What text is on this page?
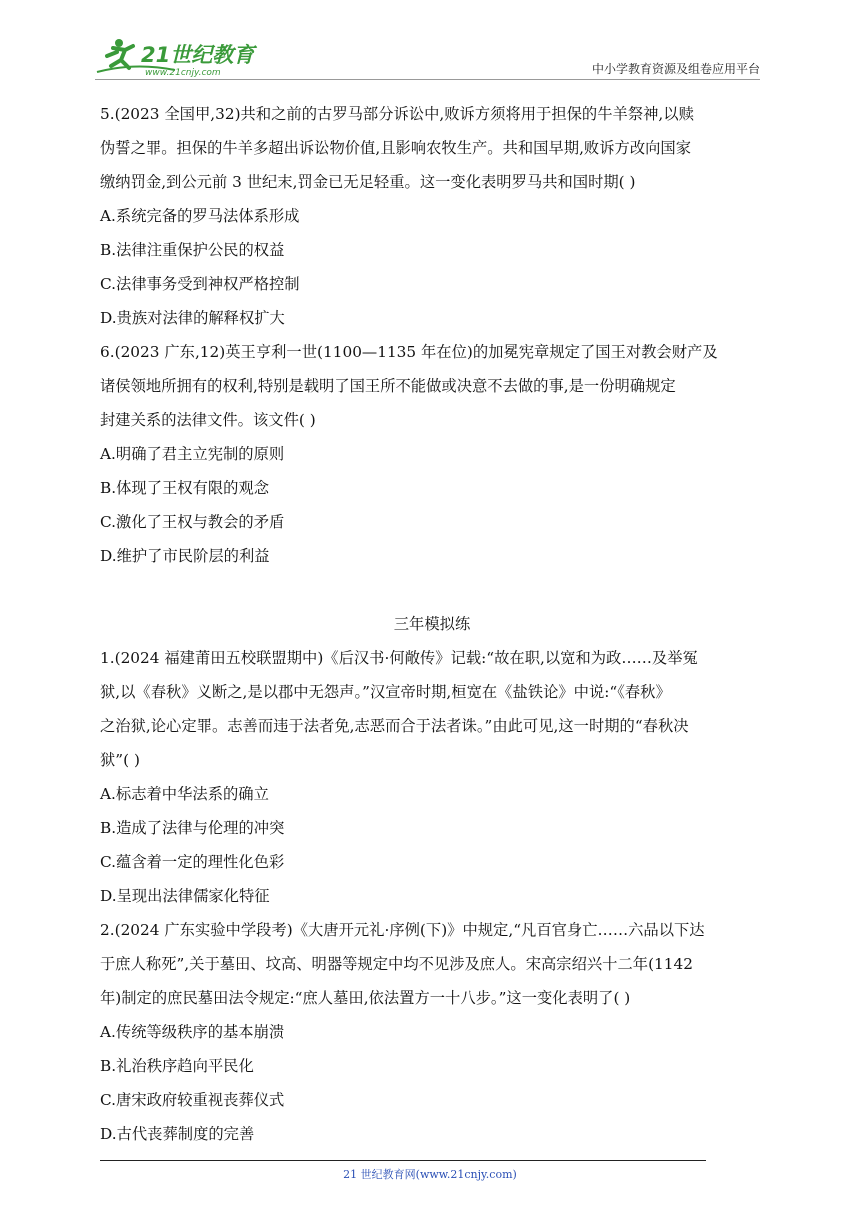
21世纪教育
www.21cnjy.com	中小学教育资源及组卷应用平台
5.(2023 全国甲,32)共和之前的古罗马部分诉讼中,败诉方须将用于担保的牛羊祭神,以赎
伪誓之罪。担保的牛羊多超出诉讼物价值,且影响农牧生产。共和国早期,败诉方改向国家
缴纳罚金,到公元前 3 世纪末,罚金已无足轻重。这一变化表明罗马共和国时期( )
A.系统完备的罗马法体系形成
B.法律注重保护公民的权益
C.法律事务受到神权严格控制
D.贵族对法律的解释权扩大
6.(2023 广东,12)英王亨利一世(1100—1135 年在位)的加冕宪章规定了国王对教会财产及
诸侯领地所拥有的权利,特别是载明了国王所不能做或决意不去做的事,是一份明确规定
封建关系的法律文件。该文件( )
A.明确了君主立宪制的原则
B.体现了王权有限的观念
C.激化了王权与教会的矛盾
D.维护了市民阶层的利益
三年模拟练
1.(2024 福建莆田五校联盟期中)《后汉书·何敞传》记载:“故在职,以宽和为政……及举冤
狱,以《春秋》义断之,是以郡中无怨声。”汉宣帝时期,桓宽在《盐铁论》中说:“《春秋》
之治狱,论心定罪。志善而违于法者免,志恶而合于法者诛。”由此可见,这一时期的“春秋决
狱”( )
A.标志着中华法系的确立
B.造成了法律与伦理的冲突
C.蕴含着一定的理性化色彩
D.呈现出法律儒家化特征
2.(2024 广东实验中学段考)《大唐开元礼·序例(下)》中规定,“凡百官身亡……六品以下达
于庶人称死”,关于墓田、坟高、明器等规定中均不见涉及庶人。宋高宗绍兴十二年(1142
年)制定的庶民墓田法令规定:“庶人墓田,依法置方一十八步。”这一变化表明了( )
A.传统等级秩序的基本崩溃
B.礼治秩序趋向平民化
C.唐宋政府较重视丧葬仪式
D.古代丧葬制度的完善
21 世纪教育网(www.21cnjy.com)
